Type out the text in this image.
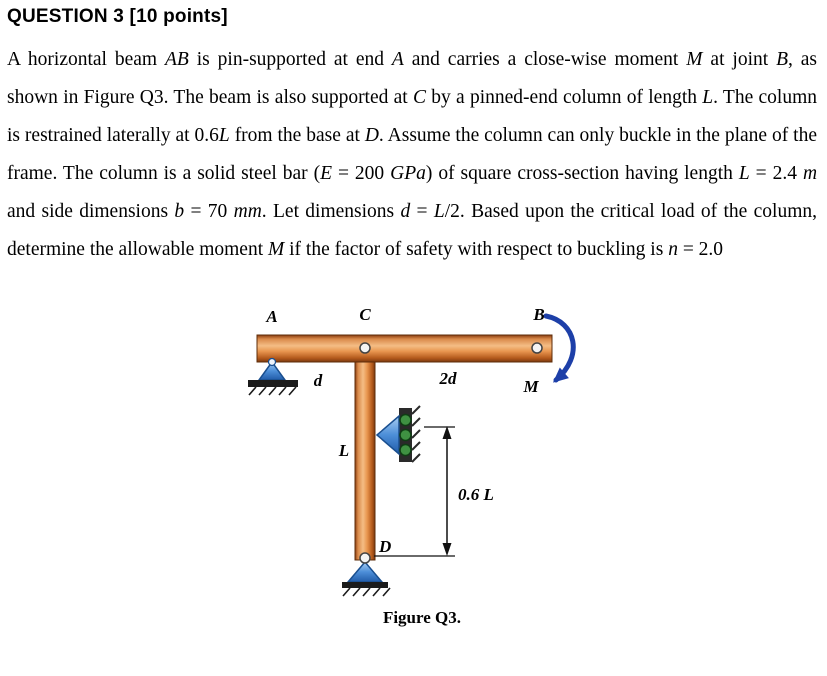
QUESTION 3 [10 points]

A horizontal beam AB is pin-supported at end A and carries a close-wise moment M at joint B, as shown in Figure Q3. The beam is also supported at C by a pinned-end column of length L. The column is restrained laterally at 0.6L from the base at D. Assume the column can only buckle in the plane of the frame. The column is a solid steel bar (E = 200 GPa) of square cross-section having length L = 2.4 m and side dimensions b = 70 mm. Let dimensions d = L/2. Based upon the critical load of the column, determine the allowable moment M if the factor of safety with respect to buckling is n = 2.0

A	C	B
d	2d	M
L
0.6 L
D
Figure Q3.
